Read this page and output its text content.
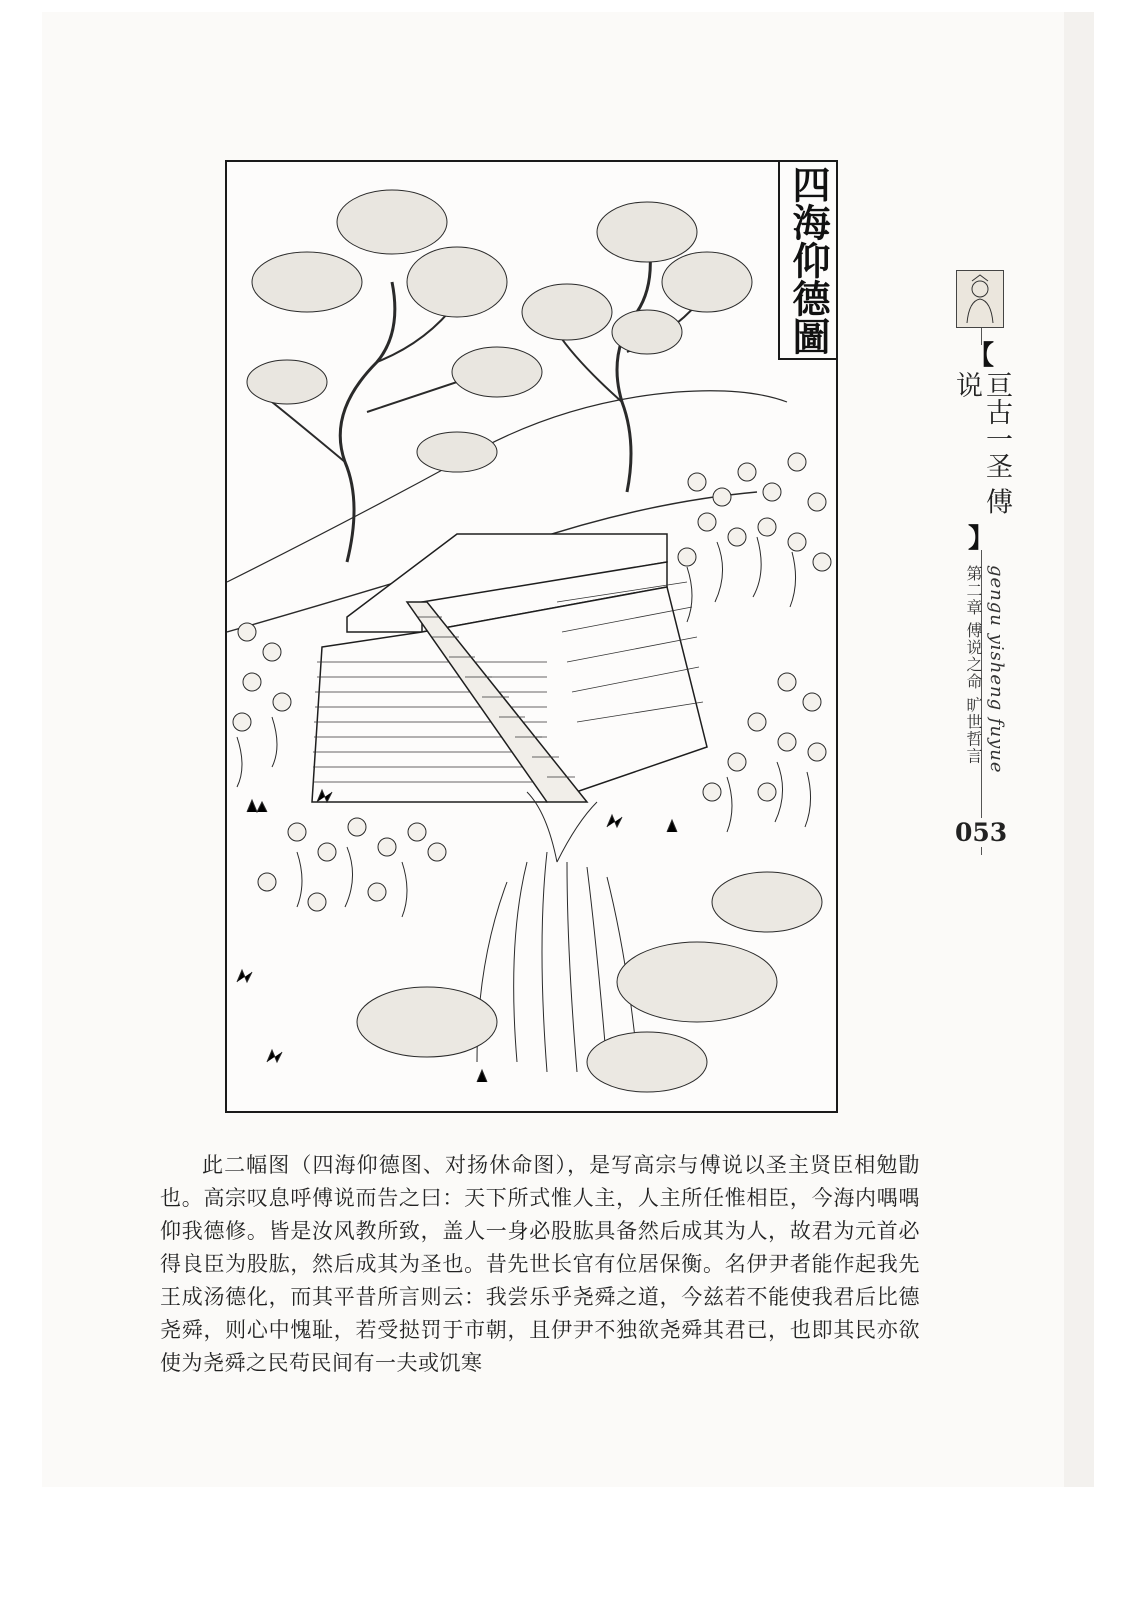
四海仰德圖

此二幅图（四海仰德图、对扬休命图），是写高宗与傅说以圣主贤臣相勉勖也。高宗叹息呼傅说而告之曰：天下所式惟人主，人主所任惟相臣，今海内喁喁仰我德修。皆是汝风教所致，盖人一身必股肱具备然后成其为人，故君为元首必得良臣为股肱，然后成其为圣也。昔先世长官有位居保衡。名伊尹者能作起我先王成汤德化，而其平昔所言则云：我尝乐乎尧舜之道，今兹若不能使我君后比德尧舜，则心中愧耻，若受挞罚于市朝，且伊尹不独欲尧舜其君已，也即其民亦欲使为尧舜之民苟民间有一夫或饥寒

【
亘古一圣 傅说
】
第二章 傅说之命 旷世哲言 gengu yisheng fuyue
053
